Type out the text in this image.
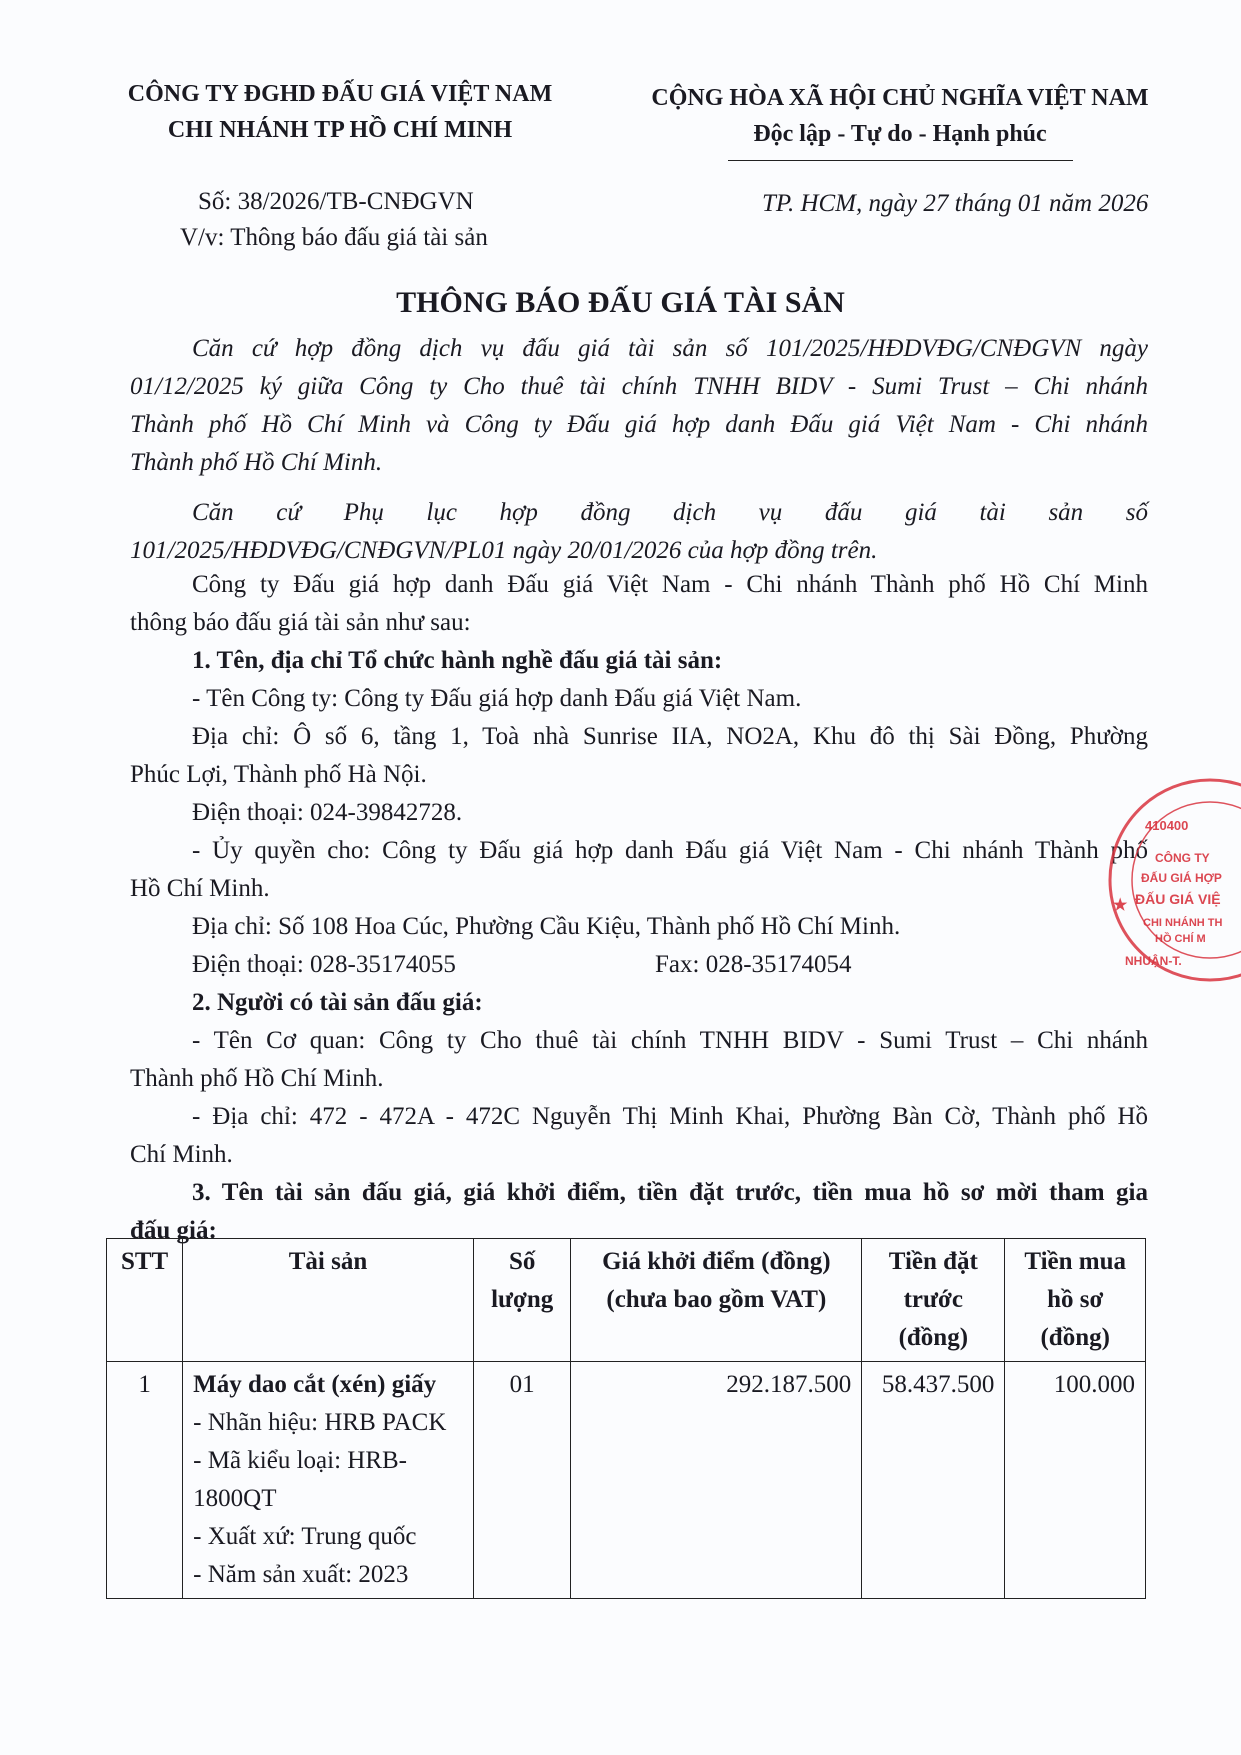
CÔNG TY ĐGHD ĐẤU GIÁ VIỆT NAM
CHI NHÁNH TP HỒ CHÍ MINH
CỘNG HÒA XÃ HỘI CHỦ NGHĨA VIỆT NAM
Độc lập - Tự do - Hạnh phúc
Số: 38/2026/TB-CNĐGVN
V/v: Thông báo đấu giá tài sản
TP. HCM, ngày 27 tháng 01 năm 2026
THÔNG BÁO ĐẤU GIÁ TÀI SẢN
Căn cứ hợp đồng dịch vụ đấu giá tài sản số 101/2025/HĐDVĐG/CNĐGVN ngày
01/12/2025 ký giữa Công ty Cho thuê tài chính TNHH BIDV - Sumi Trust – Chi nhánh
Thành phố Hồ Chí Minh và Công ty Đấu giá hợp danh Đấu giá Việt Nam - Chi nhánh
Thành phố Hồ Chí Minh.
Căn cứ Phụ lục hợp đồng dịch vụ đấu giá tài sản số
101/2025/HĐDVĐG/CNĐGVN/PL01 ngày 20/01/2026 của hợp đồng trên.
Công ty Đấu giá hợp danh Đấu giá Việt Nam - Chi nhánh Thành phố Hồ Chí Minh
thông báo đấu giá tài sản như sau:
1. Tên, địa chỉ Tổ chức hành nghề đấu giá tài sản:
- Tên Công ty: Công ty Đấu giá hợp danh Đấu giá Việt Nam.
Địa chỉ: Ô số 6, tầng 1, Toà nhà Sunrise IIA, NO2A, Khu đô thị Sài Đồng, Phường
Phúc Lợi, Thành phố Hà Nội.
Điện thoại: 024-39842728.
- Ủy quyền cho: Công ty Đấu giá hợp danh Đấu giá Việt Nam - Chi nhánh Thành phố
Hồ Chí Minh.
Địa chỉ: Số 108 Hoa Cúc, Phường Cầu Kiệu, Thành phố Hồ Chí Minh.
Điện thoại: 028-35174055	Fax: 028-35174054
2. Người có tài sản đấu giá:
- Tên Cơ quan: Công ty Cho thuê tài chính TNHH BIDV - Sumi Trust – Chi nhánh
Thành phố Hồ Chí Minh.
- Địa chỉ: 472 - 472A - 472C Nguyễn Thị Minh Khai, Phường Bàn Cờ, Thành phố Hồ
Chí Minh.
3. Tên tài sản đấu giá, giá khởi điểm, tiền đặt trước, tiền mua hồ sơ mời tham gia
đấu giá:
STT	Tài sản	Số lượng	Giá khởi điểm (đồng) (chưa bao gồm VAT)	Tiền đặt trước (đồng)	Tiền mua hồ sơ (đồng)
1	Máy dao cắt (xén) giấy
- Nhãn hiệu: HRB PACK
- Mã kiểu loại: HRB-1800QT
- Xuất xứ: Trung quốc
- Năm sản xuất: 2023	01	292.187.500	58.437.500	100.000
410400
CÔNG TY
ĐẤU GIÁ HỢP
ĐẤU GIÁ VIỆ
CHI NHÁNH TH
HỒ CHÍ M
NHUẬN-T.
★
